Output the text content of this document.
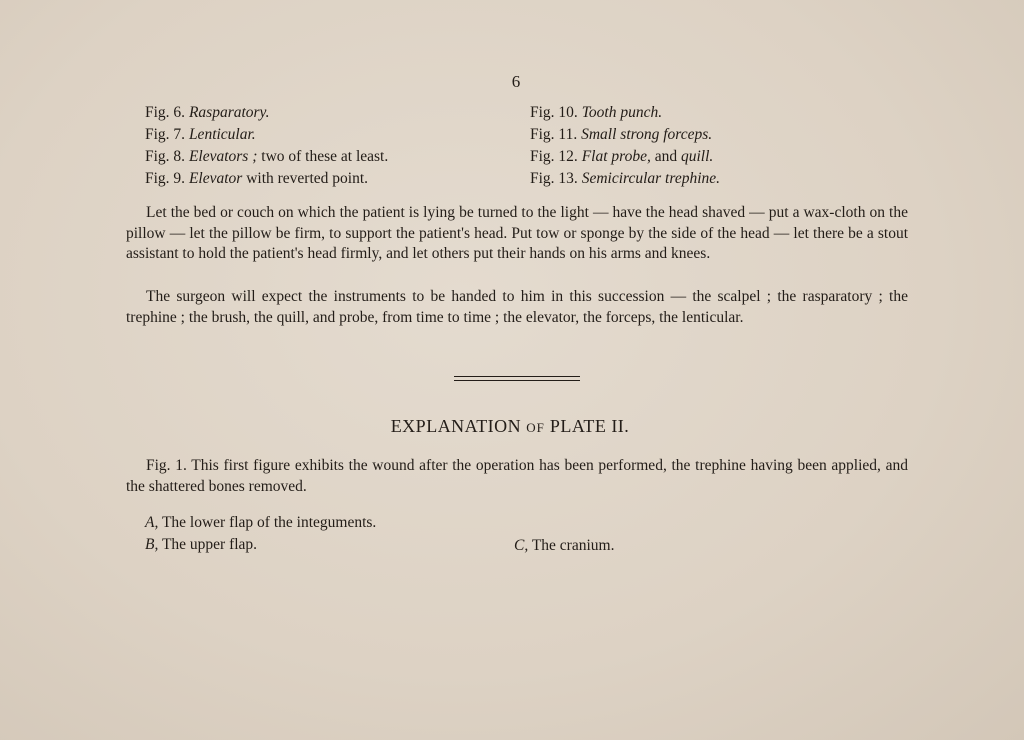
6
Fig. 6. Rasparatory.
Fig. 7. Lenticular.
Fig. 8. Elevators ; two of these at least.
Fig. 9. Elevator with reverted point.
Fig. 10. Tooth punch.
Fig. 11. Small strong forceps.
Fig. 12. Flat probe, and quill.
Fig. 13. Semicircular trephine.

Let the bed or couch on which the patient is lying be turned to the light — have the head shaved — put a wax-cloth on the pillow — let the pillow be firm, to support the patient's head. Put tow or sponge by the side of the head — let there be a stout assistant to hold the patient's head firmly, and let others put their hands on his arms and knees.

The surgeon will expect the instruments to be handed to him in this succession — the scalpel ; the rasparatory ; the trephine ; the brush, the quill, and probe, from time to time ; the elevator, the forceps, the lenticular.

EXPLANATION OF PLATE II.

Fig. 1. This first figure exhibits the wound after the operation has been performed, the trephine having been applied, and the shattered bones removed.

A, The lower flap of the integuments.
B, The upper flap.	C, The cranium.
